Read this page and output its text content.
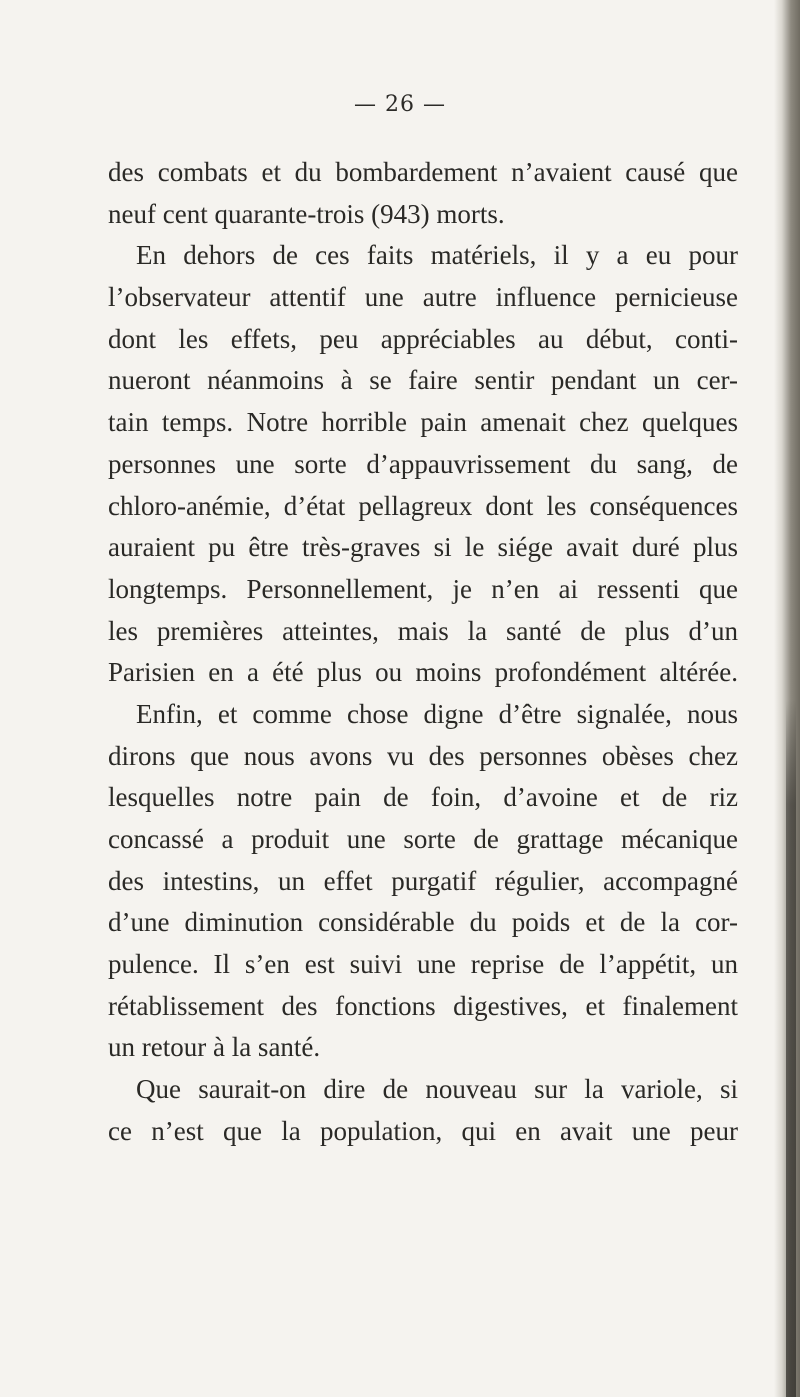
— 26 —
des combats et du bombardement n’avaient causé que
neuf cent quarante-trois (943) morts.
En dehors de ces faits matériels, il y a eu pour
l’observateur attentif une autre influence pernicieuse
dont les effets, peu appréciables au début, conti-
nueront néanmoins à se faire sentir pendant un cer-
tain temps. Notre horrible pain amenait chez quelques
personnes une sorte d’appauvrissement du sang, de
chloro-anémie, d’état pellagreux dont les conséquences
auraient pu être très-graves si le siége avait duré plus
longtemps. Personnellement, je n’en ai ressenti que
les premières atteintes, mais la santé de plus d’un
Parisien en a été plus ou moins profondément altérée.
Enfin, et comme chose digne d’être signalée, nous
dirons que nous avons vu des personnes obèses chez
lesquelles notre pain de foin, d’avoine et de riz
concassé a produit une sorte de grattage mécanique
des intestins, un effet purgatif régulier, accompagné
d’une diminution considérable du poids et de la cor-
pulence. Il s’en est suivi une reprise de l’appétit, un
rétablissement des fonctions digestives, et finalement
un retour à la santé.
Que saurait-on dire de nouveau sur la variole, si
ce n’est que la population, qui en avait une peur
